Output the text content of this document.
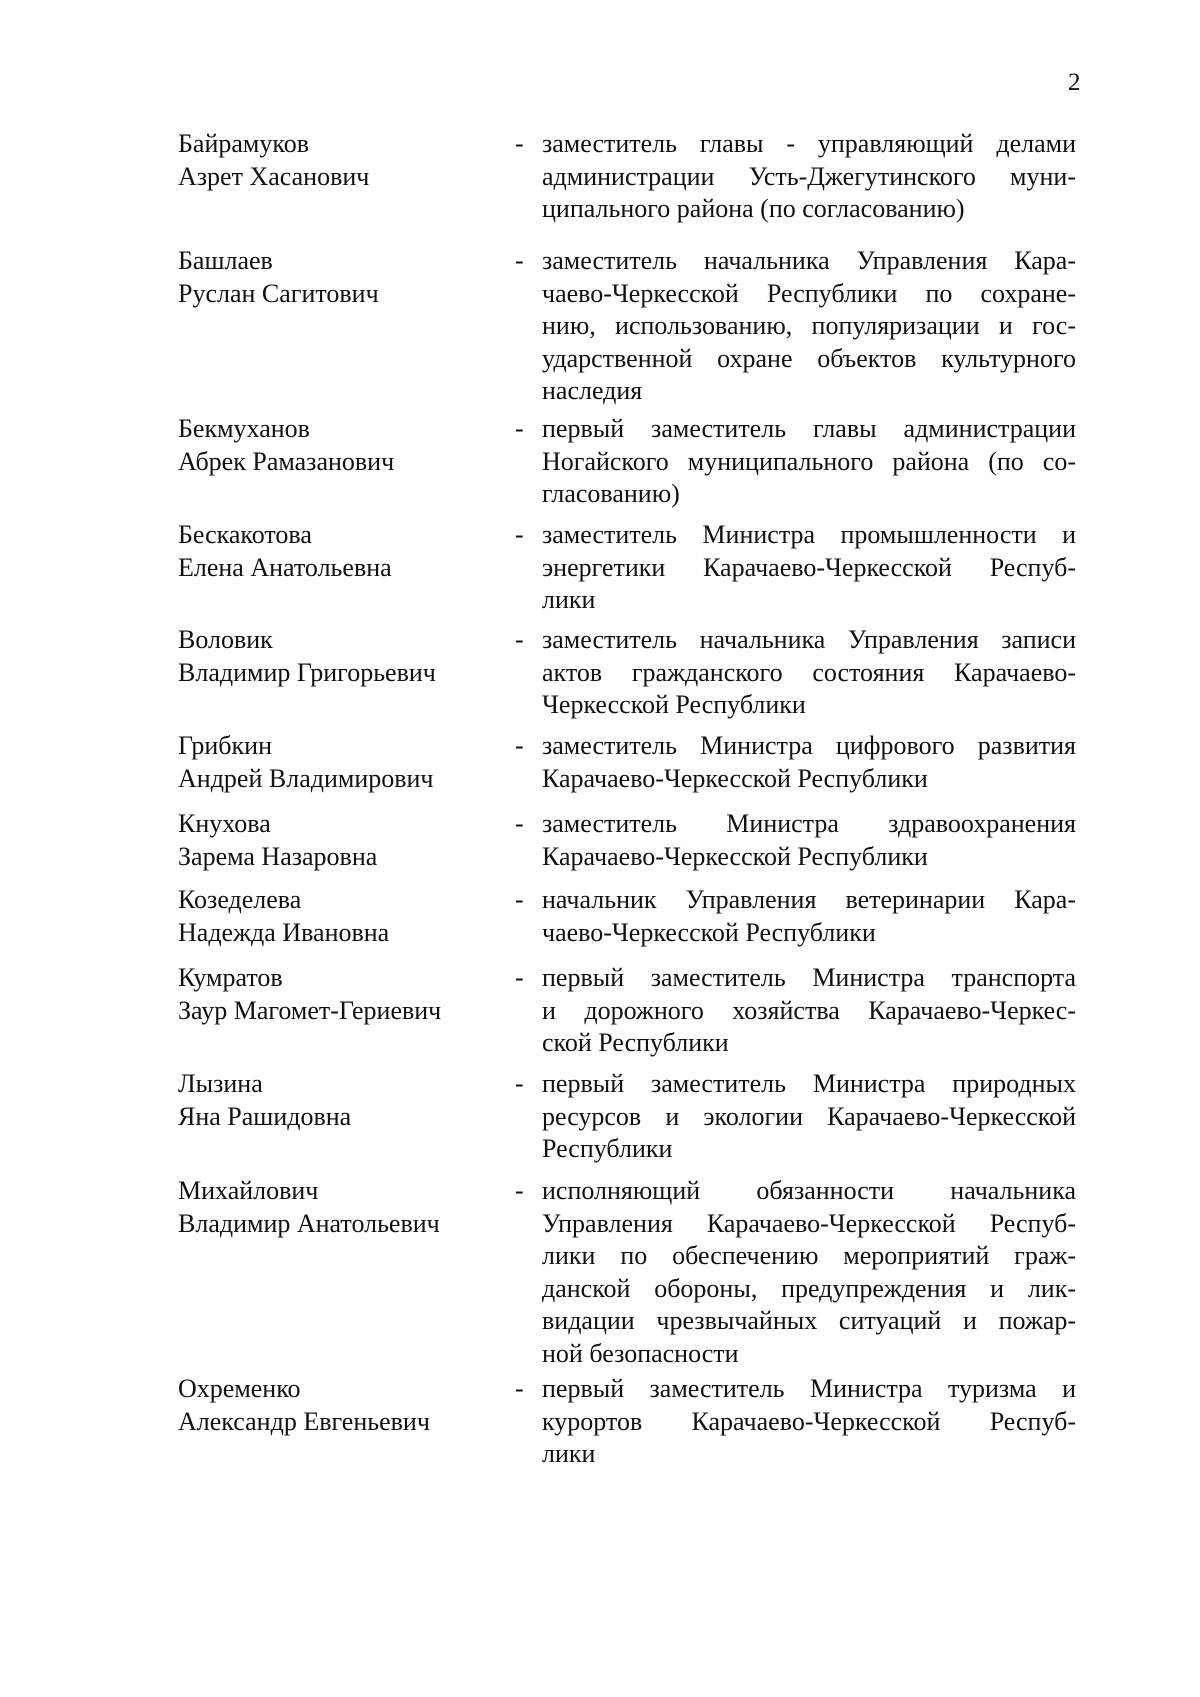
2
Байрамуков
Азрет Хасанович
- заместитель главы - управляющий делами
администрации Усть-Джегутинского муни-
ципального района (по согласованию)
Башлаев
Руслан Сагитович
- заместитель начальника Управления Кара-
чаево-Черкесской Республики по сохране-
нию, использованию, популяризации и гос-
ударственной охране объектов культурного
наследия
Бекмуханов
Абрек Рамазанович
- первый заместитель главы администрации
Ногайского муниципального района (по со-
гласованию)
Бескакотова
Елена Анатольевна
- заместитель Министра промышленности и
энергетики Карачаево-Черкесской Респуб-
лики
Воловик
Владимир Григорьевич
- заместитель начальника Управления записи
актов гражданского состояния Карачаево-
Черкесской Республики
Грибкин
Андрей Владимирович
- заместитель Министра цифрового развития
Карачаево-Черкесской Республики
Кнухова
Зарема Назаровна
- заместитель Министра здравоохранения
Карачаево-Черкесской Республики
Козеделева
Надежда Ивановна
- начальник Управления ветеринарии Кара-
чаево-Черкесской Республики
Кумратов
Заур Магомет-Гериевич
- первый заместитель Министра транспорта
и дорожного хозяйства Карачаево-Черкес-
ской Республики
Лызина
Яна Рашидовна
- первый заместитель Министра природных
ресурсов и экологии Карачаево-Черкесской
Республики
Михайлович
Владимир Анатольевич
- исполняющий обязанности начальника
Управления Карачаево-Черкесской Респуб-
лики по обеспечению мероприятий граж-
данской обороны, предупреждения и лик-
видации чрезвычайных ситуаций и пожар-
ной безопасности
Охременко
Александр Евгеньевич
- первый заместитель Министра туризма и
курортов Карачаево-Черкесской Респуб-
лики
